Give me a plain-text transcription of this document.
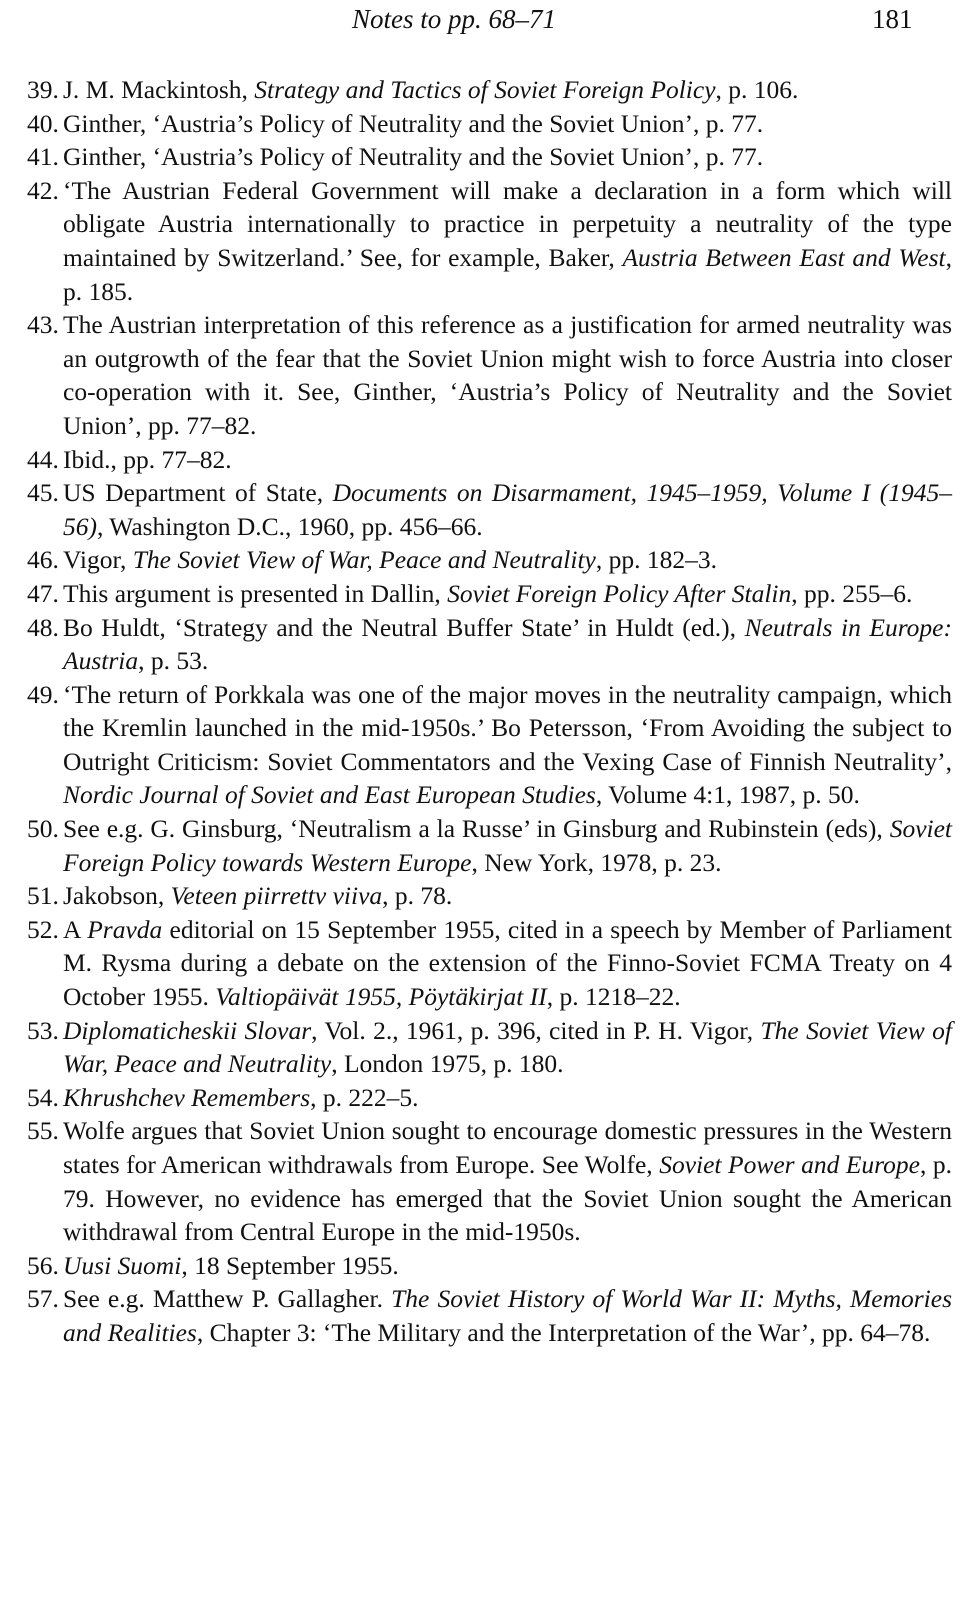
Notes to pp. 68–71	181
39. J. M. Mackintosh, Strategy and Tactics of Soviet Foreign Policy, p. 106.
40. Ginther, ‘Austria’s Policy of Neutrality and the Soviet Union’, p. 77.
41. Ginther, ‘Austria’s Policy of Neutrality and the Soviet Union’, p. 77.
42. ‘The Austrian Federal Government will make a declaration in a form which will obligate Austria internationally to practice in perpetuity a neutrality of the type maintained by Switzerland.’ See, for example, Baker, Austria Between East and West, p. 185.
43. The Austrian interpretation of this reference as a justification for armed neutrality was an outgrowth of the fear that the Soviet Union might wish to force Austria into closer co-operation with it. See, Ginther, ‘Austria’s Policy of Neutrality and the Soviet Union’, pp. 77–82.
44. Ibid., pp. 77–82.
45. US Department of State, Documents on Disarmament, 1945–1959, Volume I (1945–56), Washington D.C., 1960, pp. 456–66.
46. Vigor, The Soviet View of War, Peace and Neutrality, pp. 182–3.
47. This argument is presented in Dallin, Soviet Foreign Policy After Stalin, pp. 255–6.
48. Bo Huldt, ‘Strategy and the Neutral Buffer State’ in Huldt (ed.), Neutrals in Europe: Austria, p. 53.
49. ‘The return of Porkkala was one of the major moves in the neutrality campaign, which the Kremlin launched in the mid-1950s.’ Bo Petersson, ‘From Avoiding the subject to Outright Criticism: Soviet Commentators and the Vexing Case of Finnish Neutrality’, Nordic Journal of Soviet and East European Studies, Volume 4:1, 1987, p. 50.
50. See e.g. G. Ginsburg, ‘Neutralism a la Russe’ in Ginsburg and Rubinstein (eds), Soviet Foreign Policy towards Western Europe, New York, 1978, p. 23.
51. Jakobson, Veteen piirrettv viiva, p. 78.
52. A Pravda editorial on 15 September 1955, cited in a speech by Member of Parliament M. Rysma during a debate on the extension of the Finno-Soviet FCMA Treaty on 4 October 1955. Valtiopäivät 1955, Pöytäkirjat II, p. 1218–22.
53. Diplomaticheskii Slovar, Vol. 2., 1961, p. 396, cited in P. H. Vigor, The Soviet View of War, Peace and Neutrality, London 1975, p. 180.
54. Khrushchev Remembers, p. 222–5.
55. Wolfe argues that Soviet Union sought to encourage domestic pressures in the Western states for American withdrawals from Europe. See Wolfe, Soviet Power and Europe, p. 79. However, no evidence has emerged that the Soviet Union sought the American withdrawal from Central Europe in the mid-1950s.
56. Uusi Suomi, 18 September 1955.
57. See e.g. Matthew P. Gallagher. The Soviet History of World War II: Myths, Memories and Realities, Chapter 3: ‘The Military and the Interpretation of the War’, pp. 64–78.
